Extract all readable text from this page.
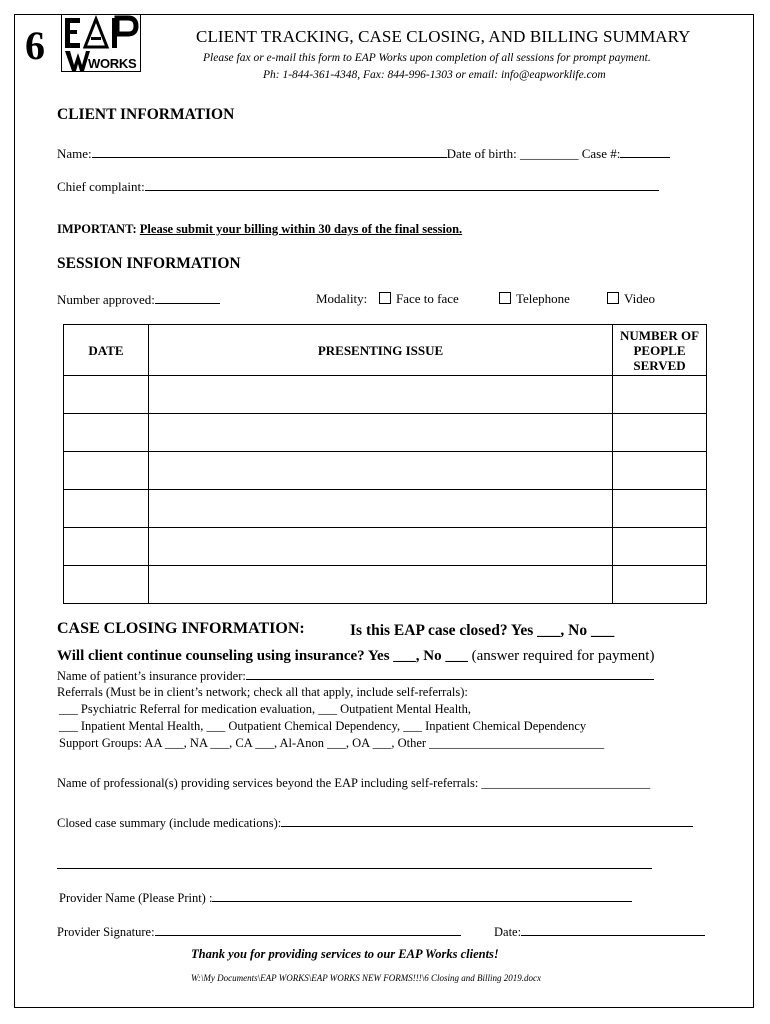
6	WORKS
CLIENT TRACKING, CASE CLOSING, AND BILLING SUMMARY
Please fax or e-mail this form to EAP Works upon completion of all sessions for prompt payment.
Ph: 1-844-361-4348, Fax: 844-996-1303 or email: info@eapworklife.com
CLIENT INFORMATION
Name:	Date of birth: _________ Case #:
Chief complaint:
IMPORTANT: Please submit your billing within 30 days of the final session.
SESSION INFORMATION
Number approved:	Modality:	Face to face	Telephone	Video
DATE	PRESENTING ISSUE	NUMBER OF PEOPLE SERVED

CASE CLOSING INFORMATION:	Is this EAP case closed? Yes ___, No ___
Will client continue counseling using insurance? Yes ___, No ___ (answer required for payment)
Name of patient’s insurance provider:
Referrals (Must be in client’s network; check all that apply, include self-referrals):
___ Psychiatric Referral for medication evaluation, ___ Outpatient Mental Health,
___ Inpatient Mental Health, ___ Outpatient Chemical Dependency, ___ Inpatient Chemical Dependency
Support Groups: AA ___, NA ___, CA ___, Al-Anon ___, OA ___, Other ____________________________
Name of professional(s) providing services beyond the EAP including self-referrals: ___________________________
Closed case summary (include medications):
Provider Name (Please Print) :
Provider Signature:	Date:
Thank you for providing services to our EAP Works clients!
W:\My Documents\EAP WORKS\EAP WORKS NEW FORMS!!!\6 Closing and Billing 2019.docx
